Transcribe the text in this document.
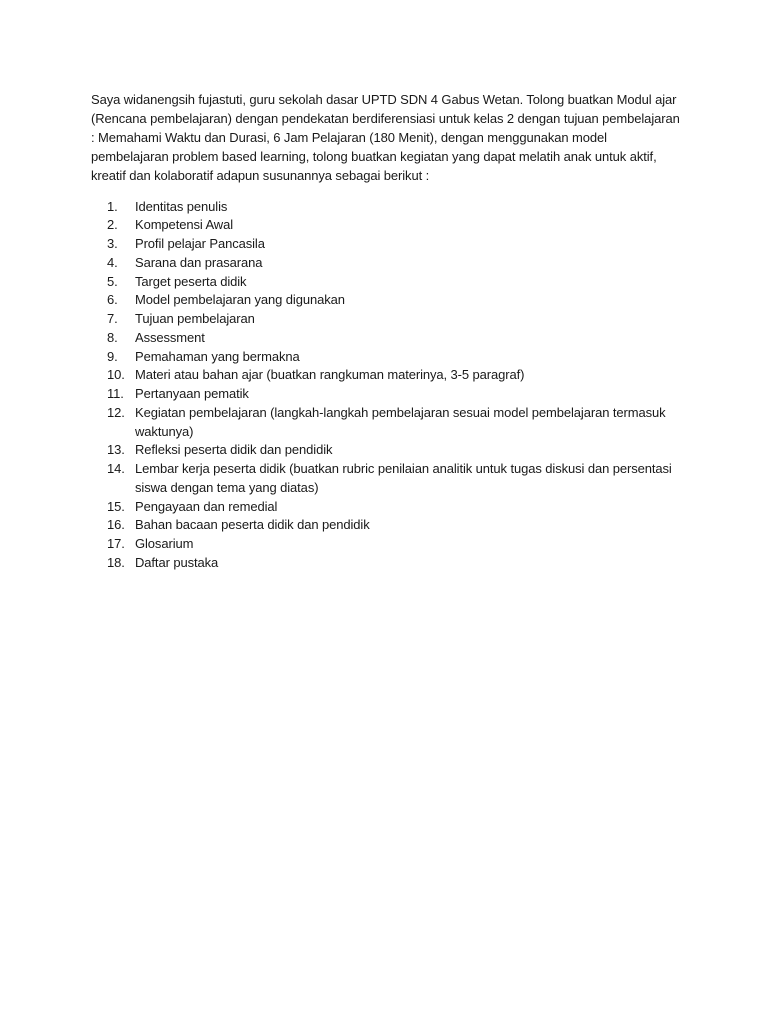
Saya widanengsih fujastuti, guru sekolah dasar UPTD SDN 4 Gabus Wetan. Tolong buatkan Modul ajar (Rencana pembelajaran) dengan pendekatan berdiferensiasi untuk kelas 2 dengan tujuan pembelajaran : Memahami Waktu dan Durasi, 6 Jam Pelajaran (180 Menit), dengan menggunakan model pembelajaran problem based learning, tolong buatkan kegiatan yang dapat melatih anak untuk aktif, kreatif dan kolaboratif adapun susunannya sebagai berikut :

1.	Identitas penulis
2.	Kompetensi Awal
3.	Profil pelajar Pancasila
4.	Sarana dan prasarana
5.	Target peserta didik
6.	Model pembelajaran yang digunakan
7.	Tujuan pembelajaran
8.	Assessment
9.	Pemahaman yang bermakna
10. Materi atau bahan ajar (buatkan rangkuman materinya, 3-5 paragraf)
11. Pertanyaan pematik
12. Kegiatan pembelajaran (langkah-langkah pembelajaran sesuai model pembelajaran termasuk waktunya)
13. Refleksi peserta didik dan pendidik
14. Lembar kerja peserta didik (buatkan rubric penilaian analitik untuk tugas diskusi dan persentasi siswa dengan tema yang diatas)
15. Pengayaan dan remedial
16. Bahan bacaan peserta didik dan pendidik
17. Glosarium
18. Daftar pustaka
